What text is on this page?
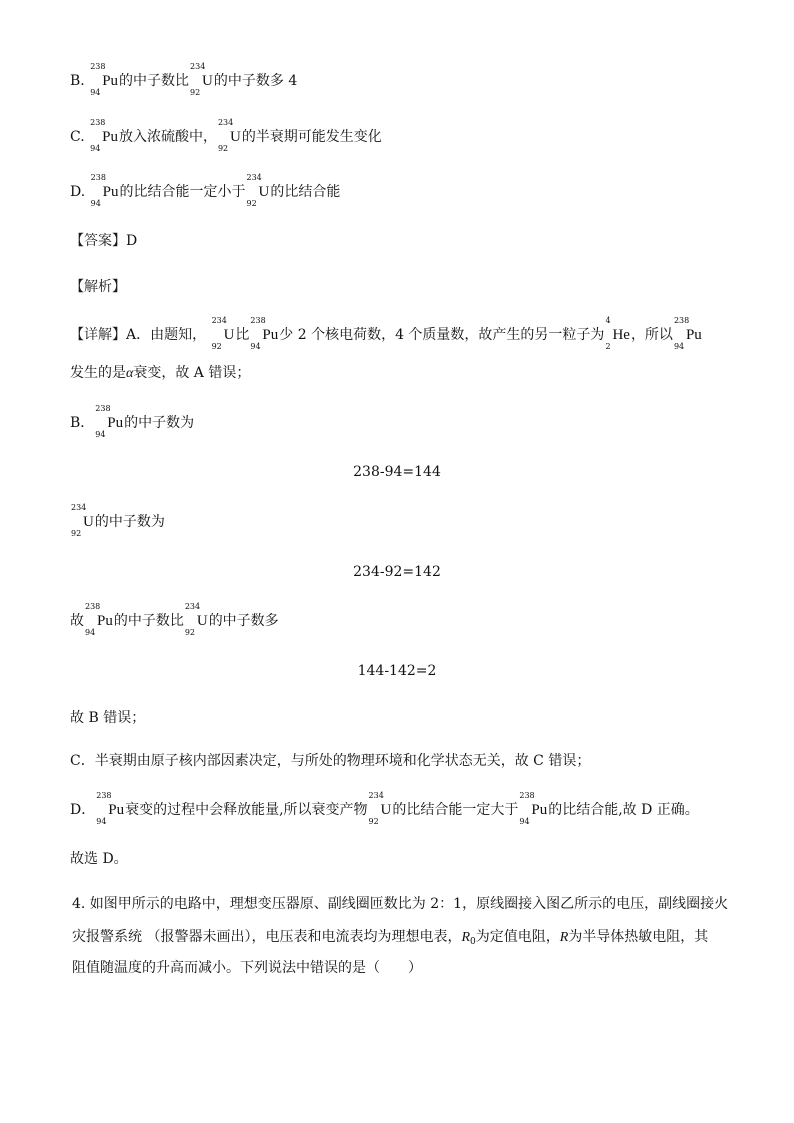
B.
238
94
Pu的中子数比
234
92
U的中子数多 4
C.
238
94
Pu放入浓硫酸中，
234
92
U的半衰期可能发生变化
D.
238
94
Pu的比结合能一定小于
234
92
U的比结合能
【答案】D
【解析】
【详解】A．由题知，
234
92
U比
238
94
Pu少 2 个核电荷数，4 个质量数，故产生的另一粒子为
4
2
He，所以
238
94
Pu
发生的是α衰变，故 A 错误；
B．
238
94
Pu的中子数为
238-94=144
234
92
U的中子数为
234-92=142
故
238
94
Pu的中子数比
234
92
U的中子数多
144-142=2
故 B 错误；
C．半衰期由原子核内部因素决定，与所处的物理环境和化学状态无关，故 C 错误；
D．
238
94
Pu衰变的过程中会释放能量,所以衰变产物
234
92
U的比结合能一定大于
238
94
Pu的比结合能,故 D 正确。
故选 D。
4. 如图甲所示的电路中，理想变压器原、副线圈匝数比为 2：1，原线圈接入图乙所示的电压，副线圈接火
灾报警系统 （报警器未画出），电压表和电流表均为理想电表，$R_0$为定值电阻，R为半导体热敏电阻，其
阻值随温度的升高而减小。下列说法中错误的是（　　）
